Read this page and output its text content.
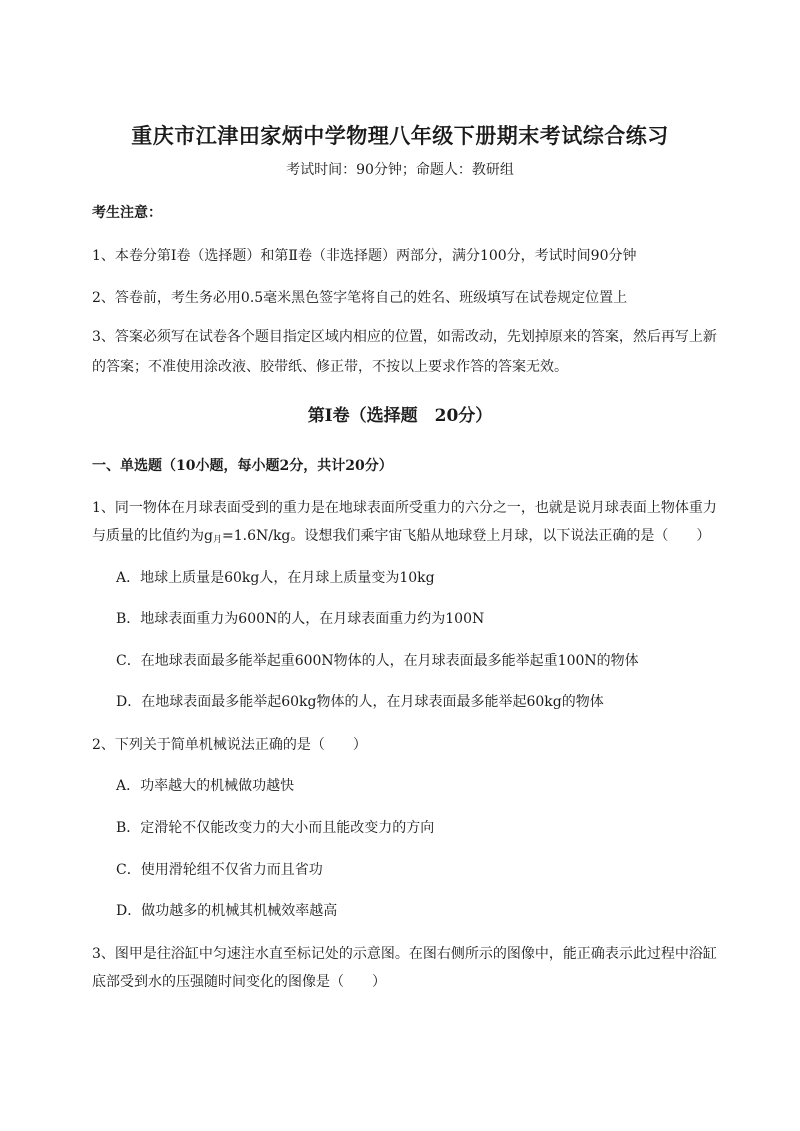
重庆市江津田家炳中学物理八年级下册期末考试综合练习
考试时间：90分钟；命题人：教研组
考生注意：
1、本卷分第I卷（选择题）和第Ⅱ卷（非选择题）两部分，满分100分，考试时间90分钟
2、答卷前，考生务必用0.5毫米黑色签字笔将自己的姓名、班级填写在试卷规定位置上
3、答案必须写在试卷各个题目指定区域内相应的位置，如需改动，先划掉原来的答案，然后再写上新的答案；不准使用涂改液、胶带纸、修正带，不按以上要求作答的答案无效。
第I卷（选择题　20分）
一、单选题（10小题，每小题2分，共计20分）
1、同一物体在月球表面受到的重力是在地球表面所受重力的六分之一，也就是说月球表面上物体重力
与质量的比值约为$g_月=1.6N/kg$。设想我们乘宇宙飞船从地球登上月球，以下说法正确的是（　　）
A．地球上质量是60kg人，在月球上质量变为10kg
B．地球表面重力为600N的人，在月球表面重力约为100N
C．在地球表面最多能举起重600N物体的人，在月球表面最多能举起重100N的物体
D．在地球表面最多能举起60kg物体的人，在月球表面最多能举起60kg的物体
2、下列关于简单机械说法正确的是（　　）
A．功率越大的机械做功越快
B．定滑轮不仅能改变力的大小而且能改变力的方向
C．使用滑轮组不仅省力而且省功
D．做功越多的机械其机械效率越高
3、图甲是往浴缸中匀速注水直至标记处的示意图。在图右侧所示的图像中，能正确表示此过程中浴缸
底部受到水的压强随时间变化的图像是（　　）
